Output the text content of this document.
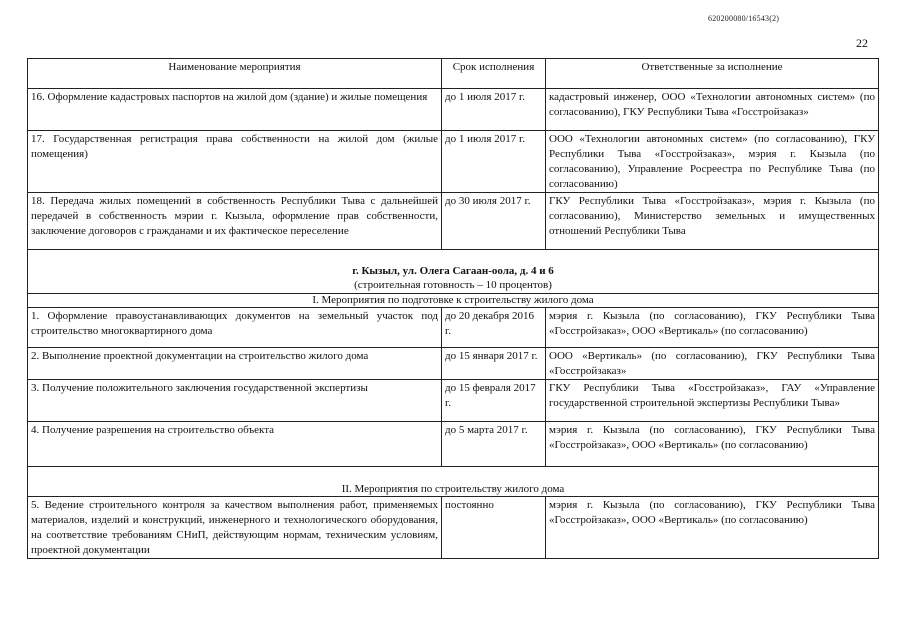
620200080/16543(2)
22
Наименование мероприятия	Срок исполнения	Ответственные за исполнение
16. Оформление кадастровых паспортов на жилой дом (здание) и жилые помещения	до 1 июля 2017 г.	кадастровый инженер, ООО «Технологии автономных систем» (по согласованию), ГКУ Республики Тыва «Госстройзаказ»
17. Государственная регистрация права собственности на жилой дом (жилые помещения)	до 1 июля 2017 г.	ООО «Технологии автономных систем» (по согласованию), ГКУ Республики Тыва «Госстройзаказ», мэрия г. Кызыла (по согласованию), Управление Росреестра по Республике Тыва (по согласованию)
18. Передача жилых помещений в собственность Республики Тыва с дальнейшей передачей в собственность мэрии г. Кызыла, оформление прав собственности, заключение договоров с гражданами и их фактическое переселение	до 30 июля 2017 г.	ГКУ Республики Тыва «Госстройзаказ», мэрия г. Кызыла (по согласованию), Министерство земельных и имущественных отношений Республики Тыва

г. Кызыл, ул. Олега Сагаан-оола, д. 4 и 6
(строительная готовность – 10 процентов)		

I. Мероприятия по подготовке к строительству жилого дома		
1. Оформление правоустанавливающих документов на земельный участок под строительство многоквартирного дома	до 20 декабря 2016 г.	мэрия г. Кызыла (по согласованию), ГКУ Республики Тыва «Госстройзаказ», ООО «Вертикаль» (по согласованию)
2. Выполнение проектной документации на строительство жилого дома	до 15 января 2017 г.	ООО «Вертикаль» (по согласованию), ГКУ Республики Тыва «Госстройзаказ»
3. Получение положительного заключения государственной экспертизы	до 15 февраля 2017 г.	ГКУ Республики Тыва «Госстройзаказ», ГАУ «Управление государственной строительной экспертизы Республики Тыва»
4. Получение разрешения на строительство объекта	до 5 марта 2017 г.	мэрия г. Кызыла (по согласованию), ГКУ Республики Тыва «Госстройзаказ», ООО «Вертикаль» (по согласованию)
II. Мероприятия по строительству жилого дома		
5. Ведение строительного контроля за качеством выполнения работ, применяемых материалов, изделий и конструкций, инженерного и технологического оборудования, на соответствие требованиям СНиП, действующим нормам, техническим условиям, проектной документации	постоянно	мэрия г. Кызыла (по согласованию), ГКУ Республики Тыва «Госстройзаказ», ООО «Вертикаль» (по согласованию)
